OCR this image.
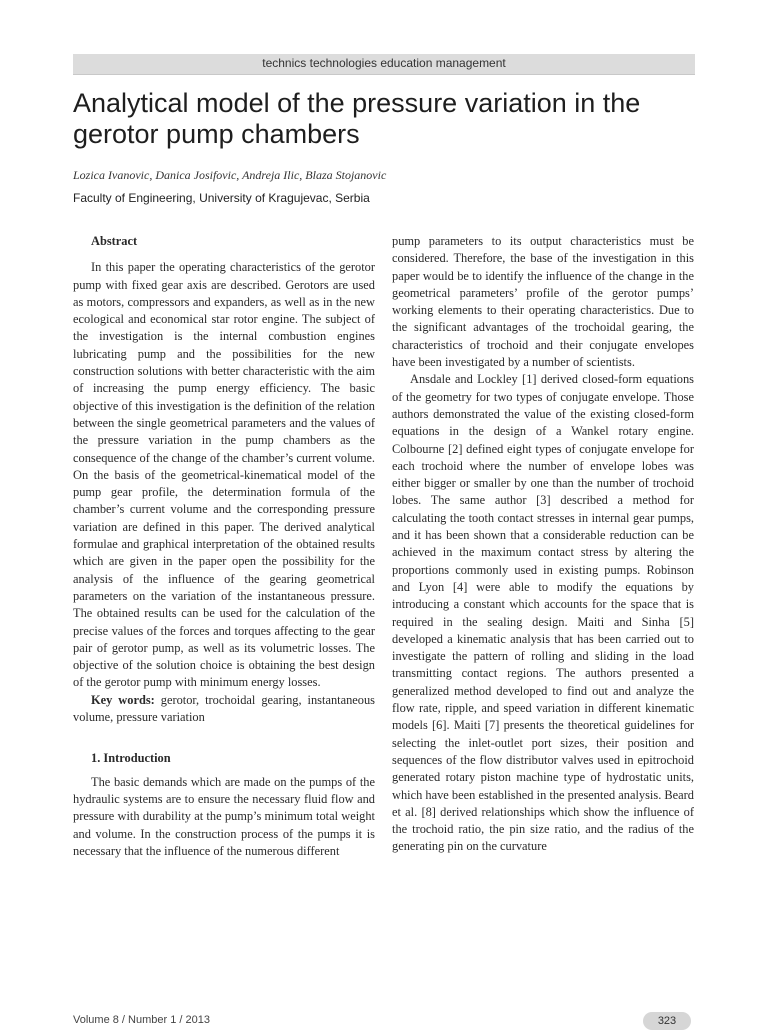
technics technologies education management
Analytical model of the pressure variation in the gerotor pump chambers
Lozica Ivanovic, Danica Josifovic, Andreja Ilic, Blaza Stojanovic
Faculty of Engineering, University of Kragujevac, Serbia
Abstract

In this paper the operating characteristics of the gerotor pump with fixed gear axis are described. Gerotors are used as motors, compressors and expanders, as well as in the new ecological and economical star rotor engine. The subject of the investigation is the internal combustion engines lubricating pump and the possibilities for the new construction solutions with better characteristic with the aim of increasing the pump energy efficiency. The basic objective of this investigation is the definition of the relation between the single geometrical parameters and the values of the pressure variation in the pump chambers as the consequence of the change of the chamber’s current volume. On the basis of the geometrical-kinematical model of the pump gear profile, the determination formula of the chamber’s current volume and the corresponding pressure variation are defined in this paper. The derived analytical formulae and graphical interpretation of the obtained results which are given in the paper open the possibility for the analysis of the influence of the gearing geometrical parameters on the variation of the instantaneous pressure. The obtained results can be used for the calculation of the precise values of the forces and torques affecting to the gear pair of gerotor pump, as well as its volumetric losses. The objective of the solution choice is obtaining the best design of the gerotor pump with minimum energy losses.

Key words: gerotor, trochoidal gearing, instantaneous volume, pressure variation

1. Introduction

The basic demands which are made on the pumps of the hydraulic systems are to ensure the necessary fluid flow and pressure with durability at the pump’s minimum total weight and volume. In the construction process of the pumps it is necessary that the influence of the numerous different

pump parameters to its output characteristics must be considered. Therefore, the base of the investigation in this paper would be to identify the influence of the change in the geometrical parameters’ profile of the gerotor pumps’ working elements to their operating characteristics. Due to the significant advantages of the trochoidal gearing, the characteristics of trochoid and their conjugate envelopes have been investigated by a number of scientists.

Ansdale and Lockley [1] derived closed-form equations of the geometry for two types of conjugate envelope. Those authors demonstrated the value of the existing closed-form equations in the design of a Wankel rotary engine. Colbourne [2] defined eight types of conjugate envelope for each trochoid where the number of envelope lobes was either bigger or smaller by one than the number of trochoid lobes. The same author [3] described a method for calculating the tooth contact stresses in internal gear pumps, and it has been shown that a considerable reduction can be achieved in the maximum contact stress by altering the proportions commonly used in existing pumps. Robinson and Lyon [4] were able to modify the equations by introducing a constant which accounts for the space that is required in the sealing design. Maiti and Sinha [5] developed a kinematic analysis that has been carried out to investigate the pattern of rolling and sliding in the load transmitting contact regions. The authors presented a generalized method developed to find out and analyze the flow rate, ripple, and speed variation in different kinematic models [6]. Maiti [7] presents the theoretical guidelines for selecting the inlet-outlet port sizes, their position and sequences of the flow distributor valves used in epitrochoid generated rotary piston machine type of hydrostatic units, which have been established in the presented analysis. Beard et al. [8] derived relationships which show the influence of the trochoid ratio, the pin size ratio, and the radius of the generating pin on the curvature

Volume 8 / Number 1 / 2013	323
